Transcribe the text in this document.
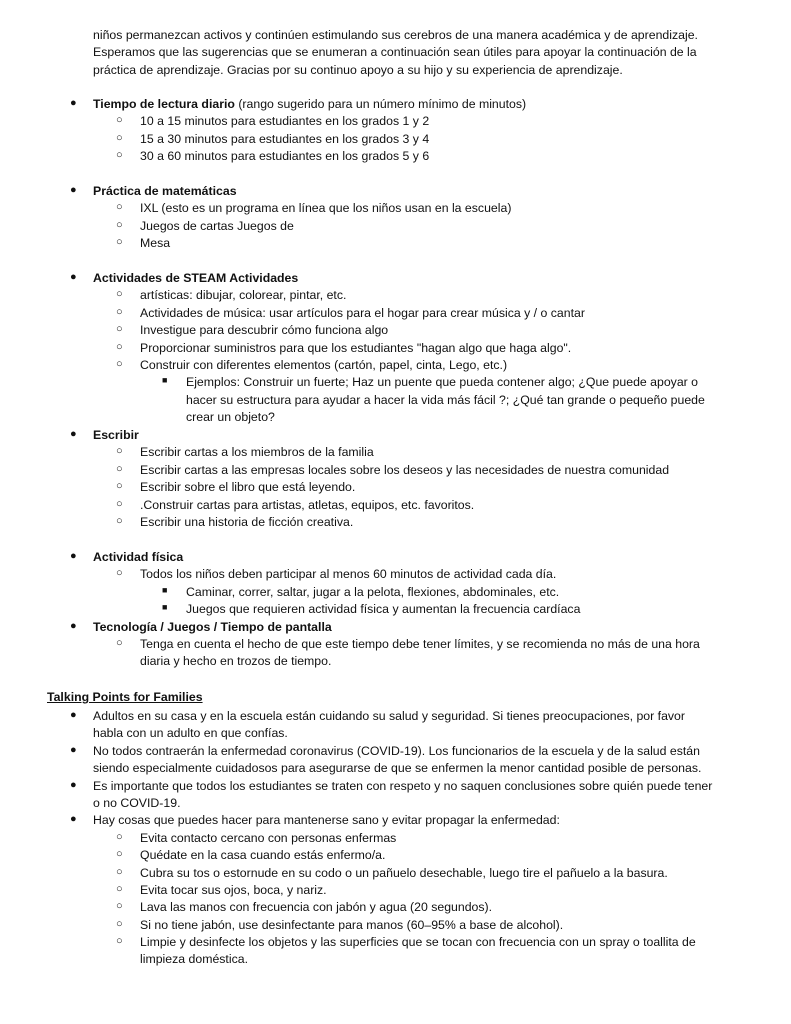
niños permanezcan activos y continúen estimulando sus cerebros de una manera académica y de aprendizaje.
Esperamos que las sugerencias que se enumeran a continuación sean útiles para apoyar la continuación de la
práctica de aprendizaje. Gracias por su continuo apoyo a su hijo y su experiencia de aprendizaje.
● Tiempo de lectura diario (rango sugerido para un número mínimo de minutos)
○ 10 a 15 minutos para estudiantes en los grados 1 y 2
○ 15 a 30 minutos para estudiantes en los grados 3 y 4
○ 30 a 60 minutos para estudiantes en los grados 5 y 6
● Práctica de matemáticas
○ IXL (esto es un programa en línea que los niños usan en la escuela)
○ Juegos de cartas Juegos de
○ Mesa
● Actividades de STEAM Actividades
○ artísticas: dibujar, colorear, pintar, etc.
○ Actividades de música: usar artículos para el hogar para crear música y / o cantar
○ Investigue para descubrir cómo funciona algo
○ Proporcionar suministros para que los estudiantes "hagan algo que haga algo".
○ Construir con diferentes elementos (cartón, papel, cinta, Lego, etc.)
■ Ejemplos: Construir un fuerte; Haz un puente que pueda contener algo; ¿Que puede apoyar o
hacer su estructura para ayudar a hacer la vida más fácil ?; ¿Qué tan grande o pequeño puede
crear un objeto?
● Escribir
○ Escribir cartas a los miembros de la familia
○ Escribir cartas a las empresas locales sobre los deseos y las necesidades de nuestra comunidad
○ Escribir sobre el libro que está leyendo.
○ .Construir cartas para artistas, atletas, equipos, etc. favoritos.
○ Escribir una historia de ficción creativa.
● Actividad física
○ Todos los niños deben participar al menos 60 minutos de actividad cada día.
■ Caminar, correr, saltar, jugar a la pelota, flexiones, abdominales, etc.
■ Juegos que requieren actividad física y aumentan la frecuencia cardíaca
● Tecnología / Juegos / Tiempo de pantalla
○ Tenga en cuenta el hecho de que este tiempo debe tener límites, y se recomienda no más de una hora
diaria y hecho en trozos de tiempo.
Talking Points for Families
● Adultos en su casa y en la escuela están cuidando su salud y seguridad. Si tienes preocupaciones, por favor
habla con un adulto en que confías.
● No todos contraerán la enfermedad coronavirus (COVID-19). Los funcionarios de la escuela y de la salud están
siendo especialmente cuidadosos para asegurarse de que se enfermen la menor cantidad posible de personas.
● Es importante que todos los estudiantes se traten con respeto y no saquen conclusiones sobre quién puede tener
o no COVID-19.
● Hay cosas que puedes hacer para mantenerse sano y evitar propagar la enfermedad:
○ Evita contacto cercano con personas enfermas
○ Quédate en la casa cuando estás enfermo/a.
○ Cubra su tos o estornude en su codo o un pañuelo desechable, luego tire el pañuelo a la basura.
○ Evita tocar sus ojos, boca, y nariz.
○ Lava las manos con frecuencia con jabón y agua (20 segundos).
○ Si no tiene jabón, use desinfectante para manos (60–95% a base de alcohol).
○ Limpie y desinfecte los objetos y las superficies que se tocan con frecuencia con un spray o toallita de
limpieza doméstica.
